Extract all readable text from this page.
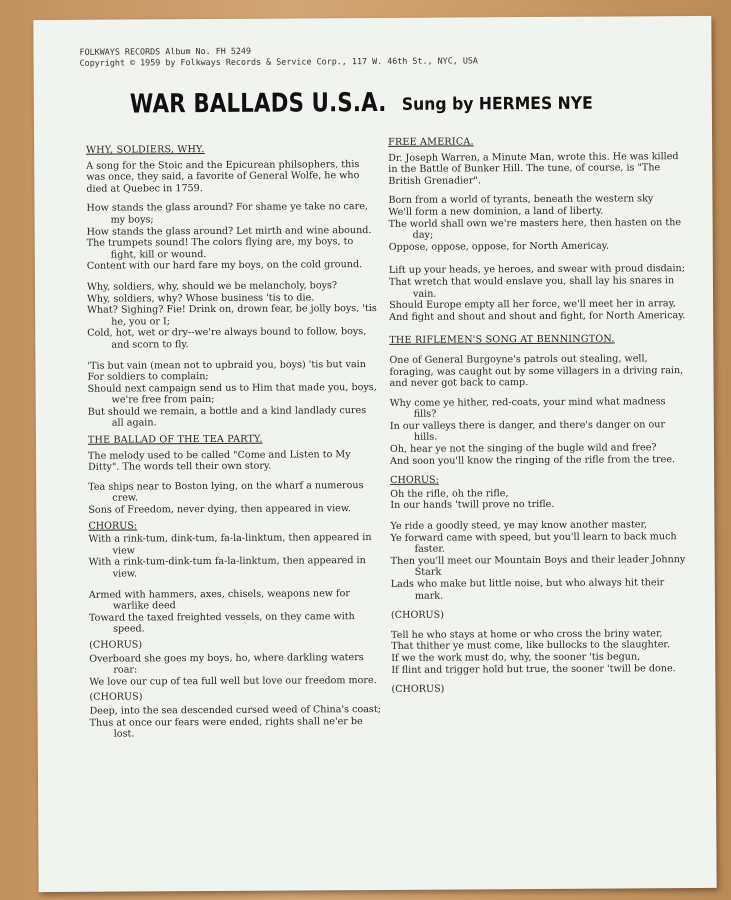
FOLKWAYS RECORDS Album No. FH 5249
Copyright © 1959 by Folkways Records & Service Corp., 117 W. 46th St., NYC, USA
WAR BALLADS U.S.A. Sung by HERMES NYE
WHY, SOLDIERS, WHY.
A song for the Stoic and the Epicurean philsophers, this was once, they said, a favorite of General Wolfe, he who died at Quebec in 1759.
How stands the glass around? For shame ye take no care, my boys;
How stands the glass around? Let mirth and wine abound.
The trumpets sound! The colors flying are, my boys, to fight, kill or wound.
Content with our hard fare my boys, on the cold ground.
Why, soldiers, why, should we be melancholy, boys?
Why, soldiers, why? Whose business 'tis to die.
What? Sighing? Fie! Drink on, drown fear, be jolly boys, 'tis he, you or I;
Cold, hot, wet or dry--we're always bound to follow, boys, and scorn to fly.
'Tis but vain (mean not to upbraid you, boys) 'tis but vain
For soldiers to complain;
Should next campaign send us to Him that made you, boys, we're free from pain;
But should we remain, a bottle and a kind landlady cures all again.
THE BALLAD OF THE TEA PARTY.
The melody used to be called "Come and Listen to My Ditty". The words tell their own story.
Tea ships near to Boston lying, on the wharf a numerous crew.
Sons of Freedom, never dying, then appeared in view.
CHORUS:
With a rink-tum, dink-tum, fa-la-linktum, then appeared in view
With a rink-tum-dink-tum fa-la-linktum, then appeared in view.
Armed with hammers, axes, chisels, weapons new for warlike deed
Toward the taxed freighted vessels, on they came with speed.
(CHORUS)
Overboard she goes my boys, ho, where darkling waters roar:
We love our cup of tea full well but love our freedom more.
(CHORUS)
Deep, into the sea descended cursed weed of China's coast;
Thus at once our fears were ended, rights shall ne'er be lost.
FREE AMERICA.
Dr. Joseph Warren, a Minute Man, wrote this. He was killed in the Battle of Bunker Hill. The tune, of course, is "The British Grenadier".
Born from a world of tyrants, beneath the western sky
We'll form a new dominion, a land of liberty.
The world shall own we're masters here, then hasten on the day;
Oppose, oppose, oppose, for North Americay.
Lift up your heads, ye heroes, and swear with proud disdain;
That wretch that would enslave you, shall lay his snares in vain.
Should Europe empty all her force, we'll meet her in array,
And fight and shout and shout and fight, for North Americay.
THE RIFLEMEN'S SONG AT BENNINGTON.
One of General Burgoyne's patrols out stealing, well, foraging, was caught out by some villagers in a driving rain, and never got back to camp.
Why come ye hither, red-coats, your mind what madness fills?
In our valleys there is danger, and there's danger on our hills.
Oh, hear ye not the singing of the bugle wild and free?
And soon you'll know the ringing of the rifle from the tree.
CHORUS:
Oh the rifle, oh the rifle,
In our hands 'twill prove no trifle.
Ye ride a goodly steed, ye may know another master,
Ye forward came with speed, but you'll learn to back much faster.
Then you'll meet our Mountain Boys and their leader Johnny Stark
Lads who make but little noise, but who always hit their mark.
(CHORUS)
Tell he who stays at home or who cross the briny water,
That thither ye must come, like bullocks to the slaughter.
If we the work must do, why, the sooner 'tis begun,
If flint and trigger hold but true, the sooner 'twill be done.
(CHORUS)
